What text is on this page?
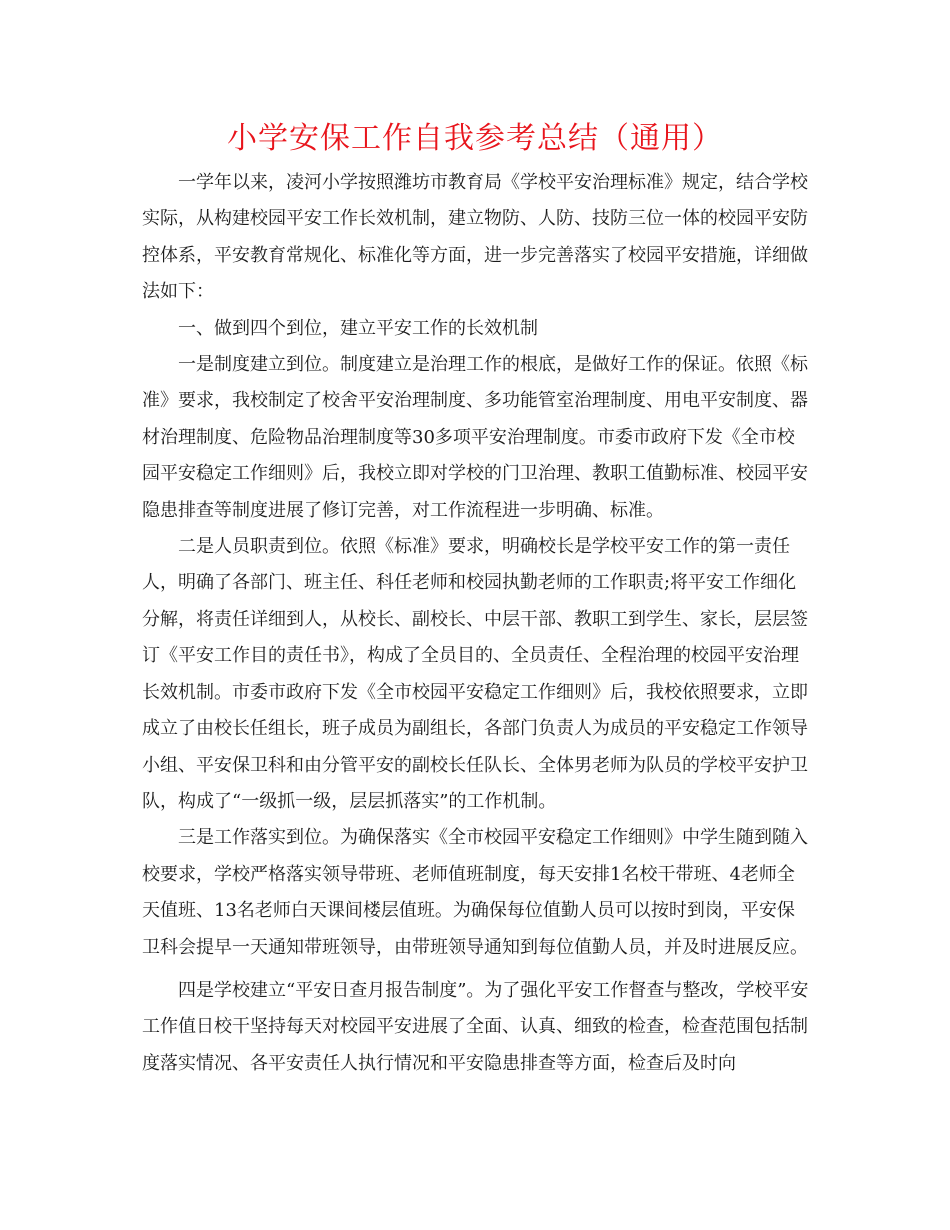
小学安保工作自我参考总结（通用）

一学年以来，凌河小学按照潍坊市教育局《学校平安治理标准》规定，结合学校实际，从构建校园平安工作长效机制，建立物防、人防、技防三位一体的校园平安防控体系，平安教育常规化、标准化等方面，进一步完善落实了校园平安措施，详细做法如下：

一、做到四个到位，建立平安工作的长效机制

一是制度建立到位。制度建立是治理工作的根底，是做好工作的保证。依照《标准》要求，我校制定了校舍平安治理制度、多功能管室治理制度、用电平安制度、器材治理制度、危险物品治理制度等30多项平安治理制度。市委市政府下发《全市校园平安稳定工作细则》后，我校立即对学校的门卫治理、教职工值勤标准、校园平安隐患排查等制度进展了修订完善，对工作流程进一步明确、标准。

二是人员职责到位。依照《标准》要求，明确校长是学校平安工作的第一责任人，明确了各部门、班主任、科任老师和校园执勤老师的工作职责;将平安工作细化分解，将责任详细到人，从校长、副校长、中层干部、教职工到学生、家长，层层签订《平安工作目的责任书》，构成了全员目的、全员责任、全程治理的校园平安治理长效机制。市委市政府下发《全市校园平安稳定工作细则》后，我校依照要求，立即成立了由校长任组长，班子成员为副组长，各部门负责人为成员的平安稳定工作领导小组、平安保卫科和由分管平安的副校长任队长、全体男老师为队员的学校平安护卫队，构成了“一级抓一级，层层抓落实”的工作机制。

三是工作落实到位。为确保落实《全市校园平安稳定工作细则》中学生随到随入校要求，学校严格落实领导带班、老师值班制度，每天安排1名校干带班、4老师全天值班、13名老师白天课间楼层值班。为确保每位值勤人员可以按时到岗，平安保卫科会提早一天通知带班领导，由带班领导通知到每位值勤人员，并及时进展反应。

四是学校建立“平安日查月报告制度”。为了强化平安工作督查与整改，学校平安工作值日校干坚持每天对校园平安进展了全面、认真、细致的检查，检查范围包括制度落实情况、各平安责任人执行情况和平安隐患排查等方面，检查后及时向
